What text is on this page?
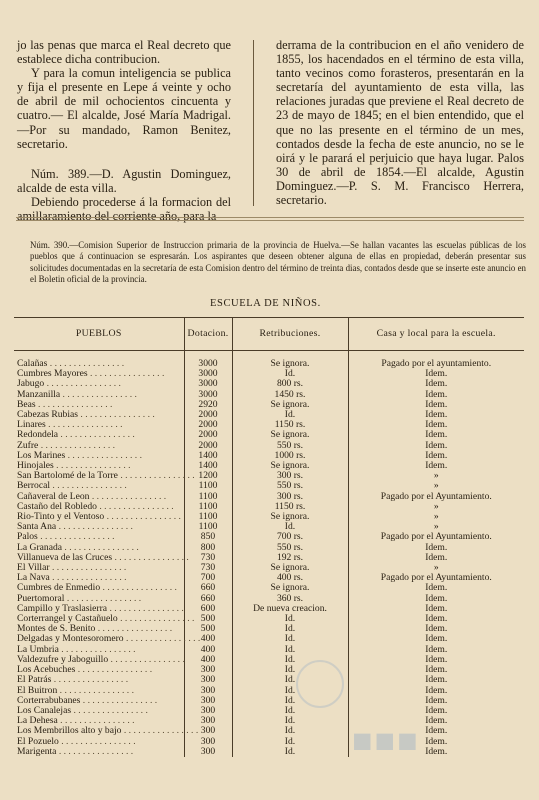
jo las penas que marca el Real decreto que establece dicha contribucion.

Y para la comun inteligencia se publica y fija el presente en Lepe á veinte y ocho de abril de mil ochocientos cincuenta y cuatro.— El alcalde, José María Madrigal.—Por su mandado, Ramon Benitez, secretario.

Núm. 389.—D. Agustin Dominguez, alcalde de esta villa.

Debiendo procederse á la formacion del

derrama de la contribucion en el año venidero de 1855, los hacendados en el término de esta villa, tanto vecinos como forasteros, presentarán en la secretaría del ayuntamiento de esta villa, las relaciones juradas que previene el Real decreto de 23 de mayo de 1845; en el bien entendido, que el que no las presente en el término de un mes, contados desde la fecha de este anuncio, no se le oirá y le parará el perjuicio que haya lugar. Palos 30 de abril de 1854.—El alcalde, Agustin Dominguez.—P. S. M. Francisco Herrera, secretario.

Núm. 390.—Comision Superior de Instruccion primaria de la provincia de Huelva.—Se hallan vacantes las escuelas públicas de los pueblos que á continuacion se espresarán. Los aspirantes que deseen obtener alguna de ellas en propiedad, deberán presentar sus solicitudes documentadas en la secretaría de esta Comision dentro del término de treinta dias, contados desde que se inserte este anuncio en el Boletin oficial de la provincia.

ESCUELA DE NIÑOS.
PUEBLOS	Dotacion.	Retribuciones.	Casa y local para la escuela.
Calañas . . . . . . . . . . . . . . . .	3000	Se ignora.	Pagado por el ayuntamiento.
Cumbres Mayores . . . . . . . . . . . . . . . .	3000	Id.	Idem.
Jabugo . . . . . . . . . . . . . . . .	3000	800 rs.	Idem.
Manzanilla . . . . . . . . . . . . . . . .	3000	1450 rs.	Idem.
Beas . . . . . . . . . . . . . . . .	2920	Se ignora.	Idem.
Cabezas Rubias . . . . . . . . . . . . . . . .	2000	Id.	Idem.
Linares . . . . . . . . . . . . . . . .	2000	1150 rs.	Idem.
Redondela . . . . . . . . . . . . . . . .	2000	Se ignora.	Idem.
Zufre . . . . . . . . . . . . . . . .	2000	550 rs.	Idem.
Los Marines . . . . . . . . . . . . . . . .	1400	1000 rs.	Idem.
Hinojales . . . . . . . . . . . . . . . .	1400	Se ignora.	Idem.
San Bartolomé de la Torre . . . . . . . . . . . . . . . .	1200	300 rs.	»
Berrocal . . . . . . . . . . . . . . . .	1100	550 rs.	»
Cañaveral de Leon . . . . . . . . . . . . . . . .	1100	300 rs.	Pagado por el Ayuntamiento.
Castaño del Robledo . . . . . . . . . . . . . . . .	1100	1150 rs.	»
Rio-Tinto y el Ventoso . . . . . . . . . . . . . . . .	1100	Se ignora.	»
Santa Ana . . . . . . . . . . . . . . . .	1100	Id.	»
Palos . . . . . . . . . . . . . . . .	850	700 rs.	Pagado por el Ayuntamiento.
La Granada . . . . . . . . . . . . . . . .	800	550 rs.	Idem.
Villanueva de las Cruces . . . . . . . . . . . . . . . .	730	192 rs.	Idem.
El Villar . . . . . . . . . . . . . . . .	730	Se ignora.	»
La Nava . . . . . . . . . . . . . . . .	700	400 rs.	Pagado por el Ayuntamiento.
Cumbres de Enmedio . . . . . . . . . . . . . . . .	660	Se ignora.	Idem.
Puertomoral . . . . . . . . . . . . . . . .	660	360 rs.	Idem.
Campillo y Traslasierra . . . . . . . . . . . . . . . .	600	De nueva creacion.	Idem.
Corterrangel y Castañuelo . . . . . . . . . . . . . . . .	500	Id.	Idem.
Montes de S. Benito . . . . . . . . . . . . . . . .	500	Id.	Idem.
Delgadas y Montesoromero . . . . . . . . . . . . . . . .	400	Id.	Idem.
La Umbria . . . . . . . . . . . . . . . .	400	Id.	Idem.
Valdezufre y Jaboguillo . . . . . . . . . . . . . . . .	400	Id.	Idem.
Los Acebuches . . . . . . . . . . . . . . . .	300	Id.	Idem.
El Patrás . . . . . . . . . . . . . . . .	300	Id.	Idem.
El Buitron . . . . . . . . . . . . . . . .	300	Id.	Idem.
Corterrabubanes . . . . . . . . . . . . . . . .	300	Id.	Idem.
Los Canalejas . . . . . . . . . . . . . . . .	300	Id.	Idem.
La Dehesa . . . . . . . . . . . . . . . .	300	Id.	Idem.
Los Membrillos alto y bajo . . . . . . . . . . . . . . . .	300	Id.	Idem.
El Pozuelo . . . . . . . . . . . . . . . .	300	Id.	Idem.
Marigenta . . . . . . . . . . . . . . . .	300	Id.	Idem.
■■■
